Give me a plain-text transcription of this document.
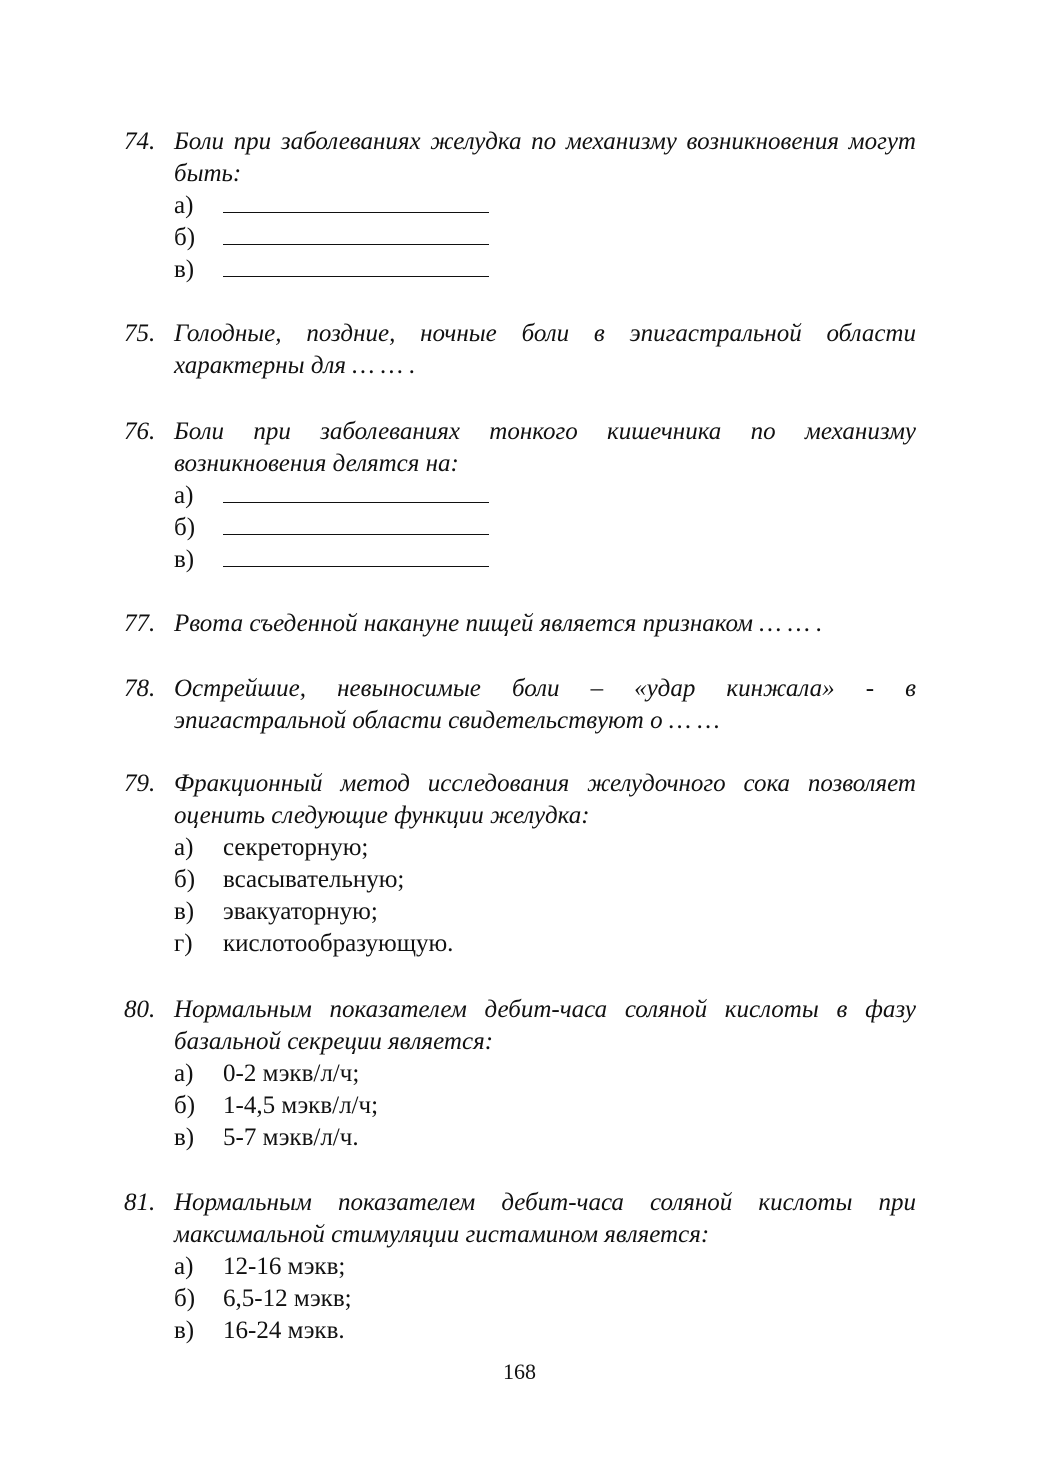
74. Боли при заболеваниях желудка по механизму возникновения могут быть:
а)
б)
в)
75. Голодные, поздние, ночные боли в эпигастральной области характерны для … … .
76. Боли при заболеваниях тонкого кишечника по механизму возникновения делятся на:
а)
б)
в)
77. Рвота съеденной накануне пищей является признаком … … .
78. Острейшие, невыносимые боли – «удар кинжала» - в эпигастральной области свидетельствуют о … …
79. Фракционный метод исследования желудочного сока позволяет оценить следующие функции желудка:
а)	секреторную;
б)	всасывательную;
в)	эвакуаторную;
г)	кислотообразующую.
80. Нормальным показателем дебит-часа соляной кислоты в фазу базальной секреции является:
а)	0-2 мэкв/л/ч;
б)	1-4,5 мэкв/л/ч;
в)	5-7 мэкв/л/ч.
81. Нормальным показателем дебит-часа соляной кислоты при максимальной стимуляции гистамином является:
а)	12-16 мэкв;
б)	6,5-12 мэкв;
в)	16-24 мэкв.
168
